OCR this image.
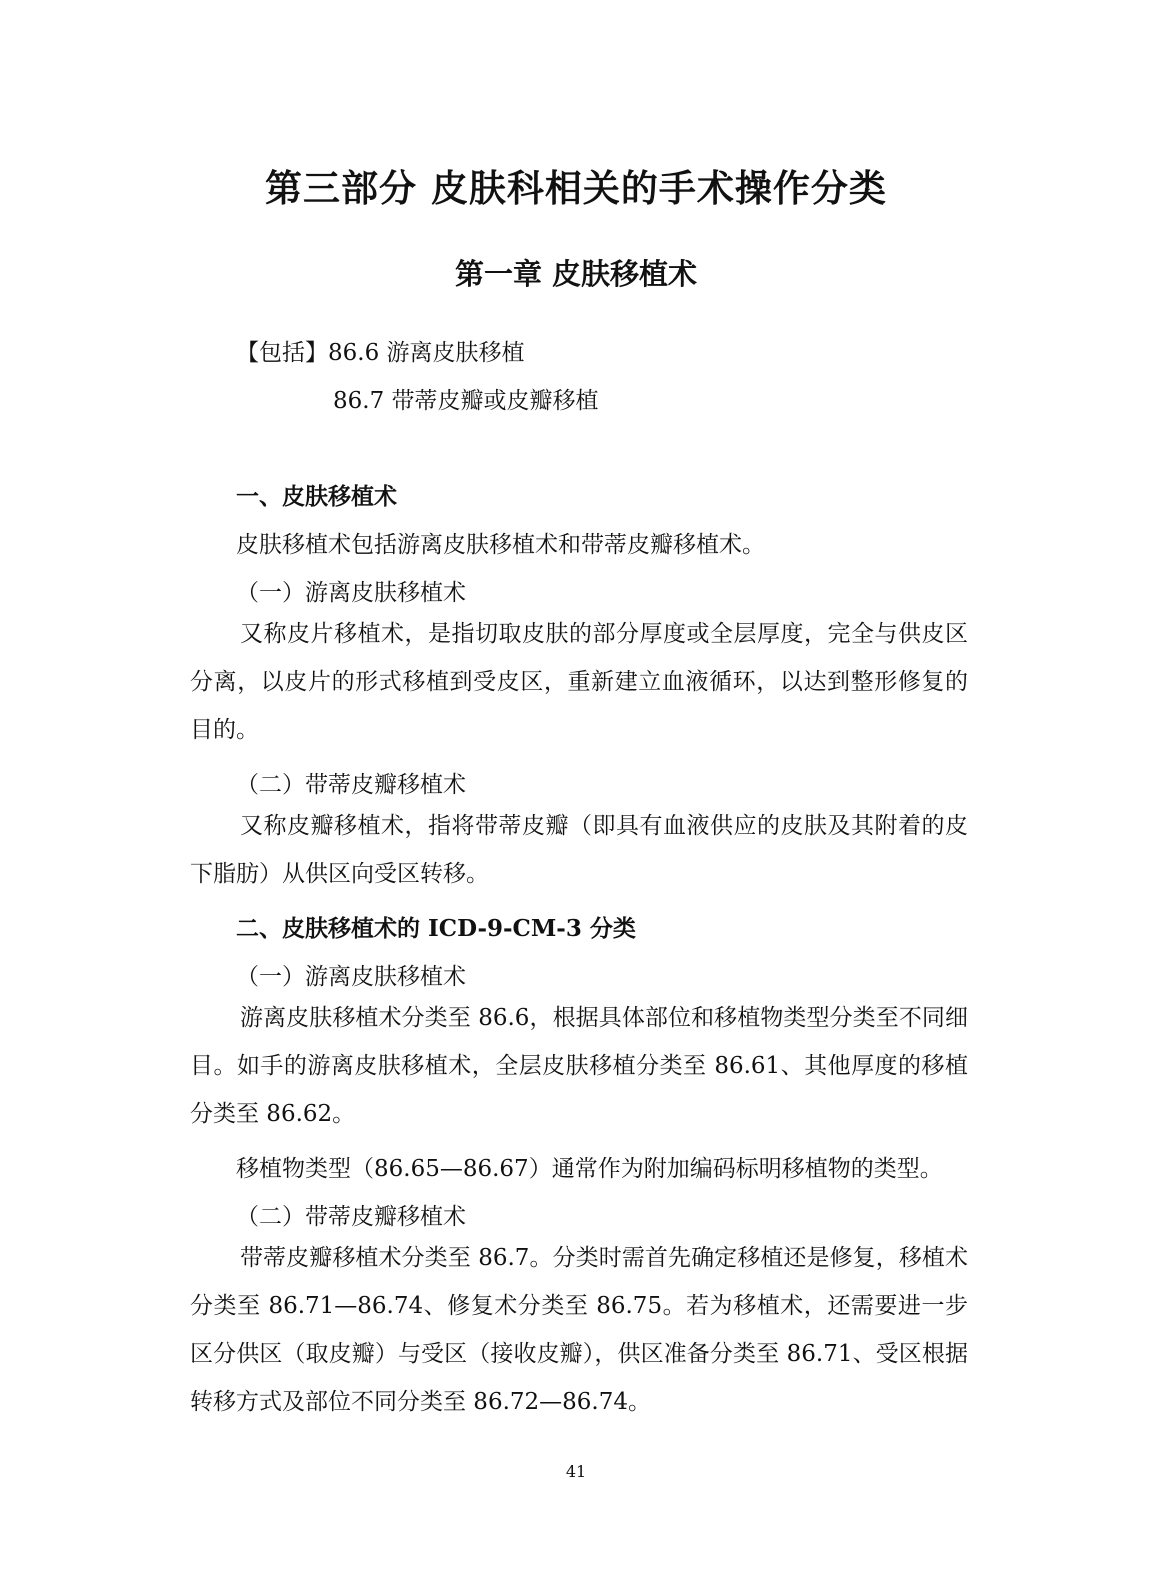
第三部分 皮肤科相关的手术操作分类
第一章 皮肤移植术
【包括】86.6 游离皮肤移植
86.7 带蒂皮瓣或皮瓣移植
一、皮肤移植术
皮肤移植术包括游离皮肤移植术和带蒂皮瓣移植术。
（一）游离皮肤移植术
又称皮片移植术，是指切取皮肤的部分厚度或全层厚度，完全与供皮区分离，以皮片的形式移植到受皮区，重新建立血液循环，以达到整形修复的目的。
（二）带蒂皮瓣移植术
又称皮瓣移植术，指将带蒂皮瓣（即具有血液供应的皮肤及其附着的皮下脂肪）从供区向受区转移。
二、皮肤移植术的 ICD-9-CM-3 分类
（一）游离皮肤移植术
游离皮肤移植术分类至 86.6，根据具体部位和移植物类型分类至不同细目。如手的游离皮肤移植术，全层皮肤移植分类至 86.61、其他厚度的移植分类至 86.62。
移植物类型（86.65—86.67）通常作为附加编码标明移植物的类型。
（二）带蒂皮瓣移植术
带蒂皮瓣移植术分类至 86.7。分类时需首先确定移植还是修复，移植术分类至 86.71—86.74、修复术分类至 86.75。若为移植术，还需要进一步区分供区（取皮瓣）与受区（接收皮瓣），供区准备分类至 86.71、受区根据转移方式及部位不同分类至 86.72—86.74。
41
